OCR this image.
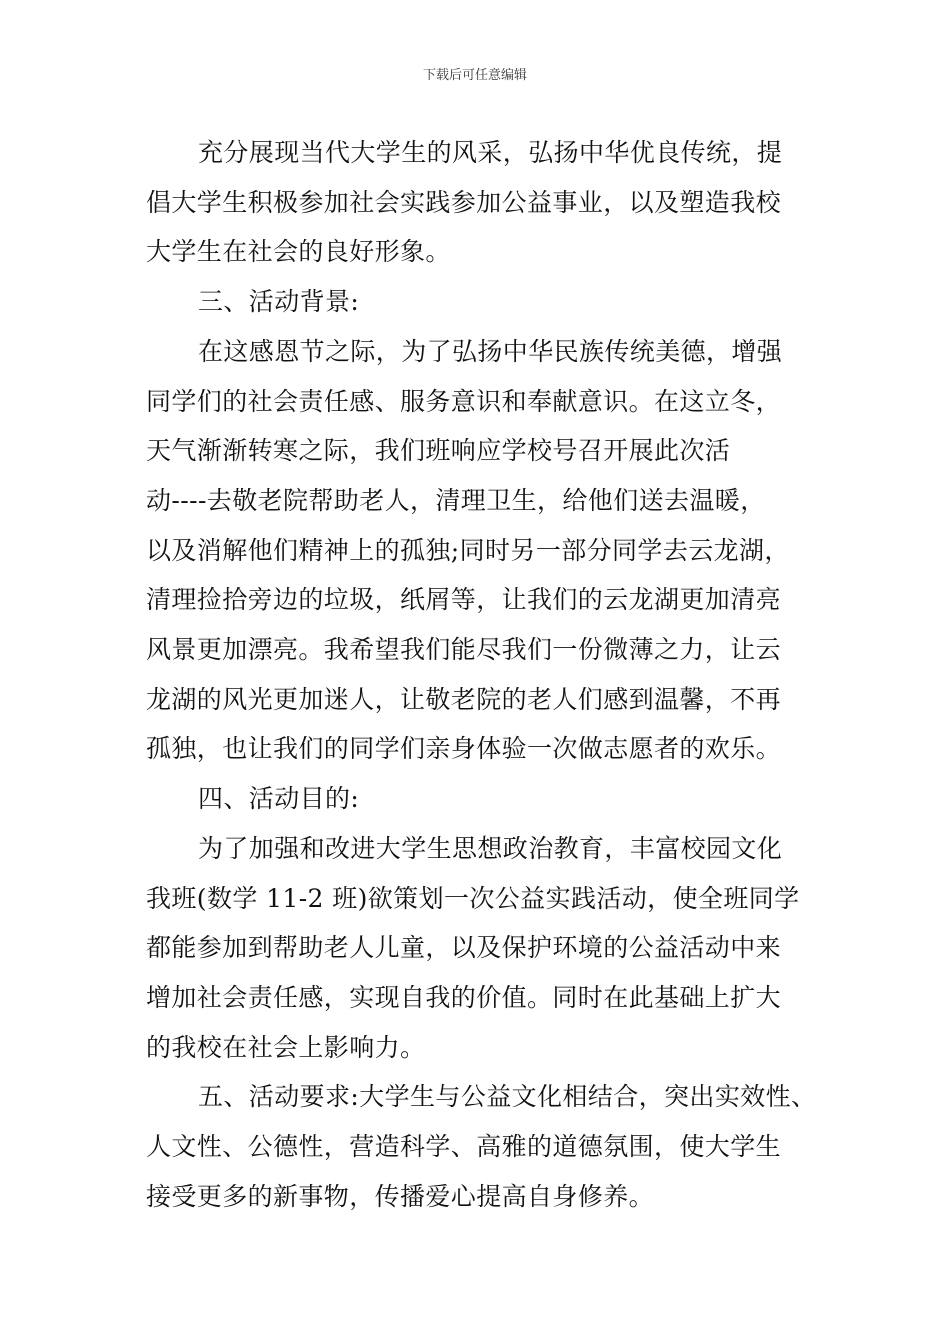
下载后可任意编辑

充分展现当代大学生的风采，弘扬中华优良传统，提
倡大学生积极参加社会实践参加公益事业，以及塑造我校
大学生在社会的良好形象。

三、活动背景:

在这感恩节之际，为了弘扬中华民族传统美德，增强
同学们的社会责任感、服务意识和奉献意识。在这立冬，
天气渐渐转寒之际，我们班响应学校号召开展此次活
动----去敬老院帮助老人，清理卫生，给他们送去温暖，
以及消解他们精神上的孤独;同时另一部分同学去云龙湖，
清理捡拾旁边的垃圾，纸屑等，让我们的云龙湖更加清亮
风景更加漂亮。我希望我们能尽我们一份微薄之力，让云
龙湖的风光更加迷人，让敬老院的老人们感到温馨，不再
孤独，也让我们的同学们亲身体验一次做志愿者的欢乐。

四、活动目的:

为了加强和改进大学生思想政治教育，丰富校园文化
我班(数学 11-2 班)欲策划一次公益实践活动，使全班同学
都能参加到帮助老人儿童，以及保护环境的公益活动中来
增加社会责任感，实现自我的价值。同时在此基础上扩大
的我校在社会上影响力。

五、活动要求:大学生与公益文化相结合，突出实效性、
人文性、公德性，营造科学、高雅的道德氛围，使大学生
接受更多的新事物，传播爱心提高自身修养。
